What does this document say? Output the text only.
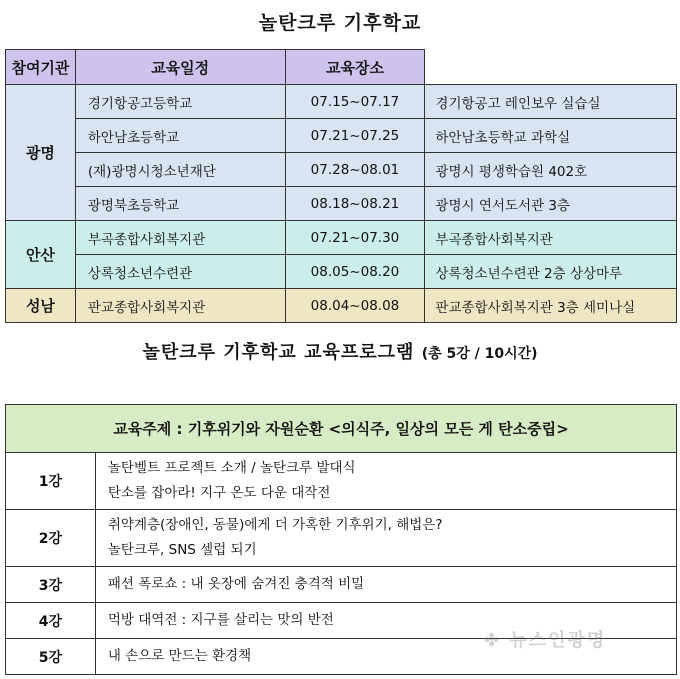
놀탄크루 기후학교
참여기관	교육일정	교육장소	
광명	경기항공고등학교	07.15~07.17	경기항공고 레인보우 실습실
	하안남초등학교	07.21~07.25	하안남초등학교 과학실
	(재)광명시청소년재단	07.28~08.01	광명시 평생학습원 402호
	광명북초등학교	08.18~08.21	광명시 연서도서관 3층
안산	부곡종합사회복지관	07.21~07.30	부곡종합사회복지관
	상록청소년수련관	08.05~08.20	상록청소년수련관 2층 상상마루
성남	판교종합사회복지관	08.04~08.08	판교종합사회복지관 3층 세미나실
놀탄크루 기후학교 교육프로그램 (총 5강 / 10시간)
교육주제 : 기후위기와 자원순환 <의식주, 일상의 모든 게 탄소중립>	
1강	놀탄벨트 프로젝트 소개 / 놀탄크루 발대식
탄소를 잡아라! 지구 온도 다운 대작전

2강	취약계층(장애인, 동물)에게 더 가혹한 기후위기, 해법은?
놀탄크루, SNS 셀럽 되기

3강	패션 폭로쇼 : 내 옷장에 숨겨진 충격적 비밀

4강	먹방 대역전 : 지구를 살리는 맛의 반전

5강	내 손으로 만드는 환경책
✤ 뉴스인광명
